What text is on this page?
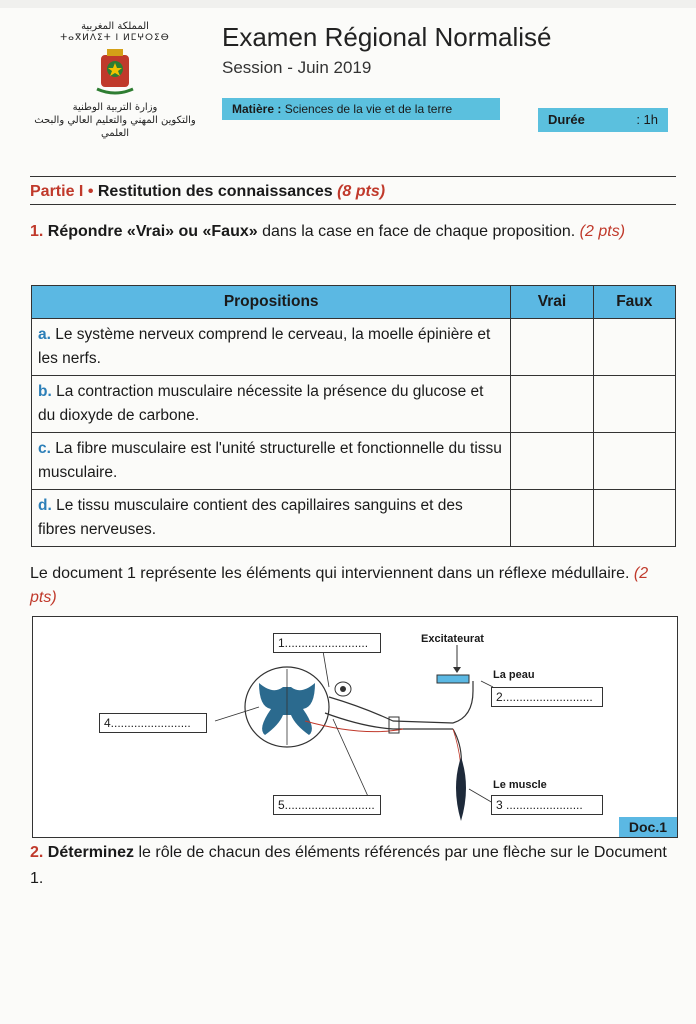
المملكة المغربية
ⵜⴰⴳⵍⴷⵉⵜ ⵏ ⵍⵎⵖⵔⵉⴱ
وزارة التربية الوطنية
والتكوين المهني والتعليم العالي والبحث
العلمي
Examen Régional Normalisé
Session - Juin 2019
Matière : Sciences de la vie et de la terre
Durée	: 1h
Partie I • Restitution des connaissances (8 pts)
1. Répondre «Vrai» ou «Faux» dans la case en face de chaque proposition. (2 pts)
Propositions	Vrai	Faux
a. Le système nerveux comprend le cerveau, la moelle épinière et les nerfs.		
b. La contraction musculaire nécessite la présence du glucose et du dioxyde de carbone.		
c. La fibre musculaire est l'unité structurelle et fonctionnelle du tissu musculaire.		
d. Le tissu musculaire contient des capillaires sanguins et des fibres nerveuses.		
Le document 1 représente les éléments qui interviennent dans un réflexe médullaire. (2 pts)
1.........................
2...........................
3 .......................
4........................
5...........................
Excitateurat
La peau
Le muscle
Doc.1
2. Déterminez le rôle de chacun des éléments référencés par une flèche sur le Document 1.
